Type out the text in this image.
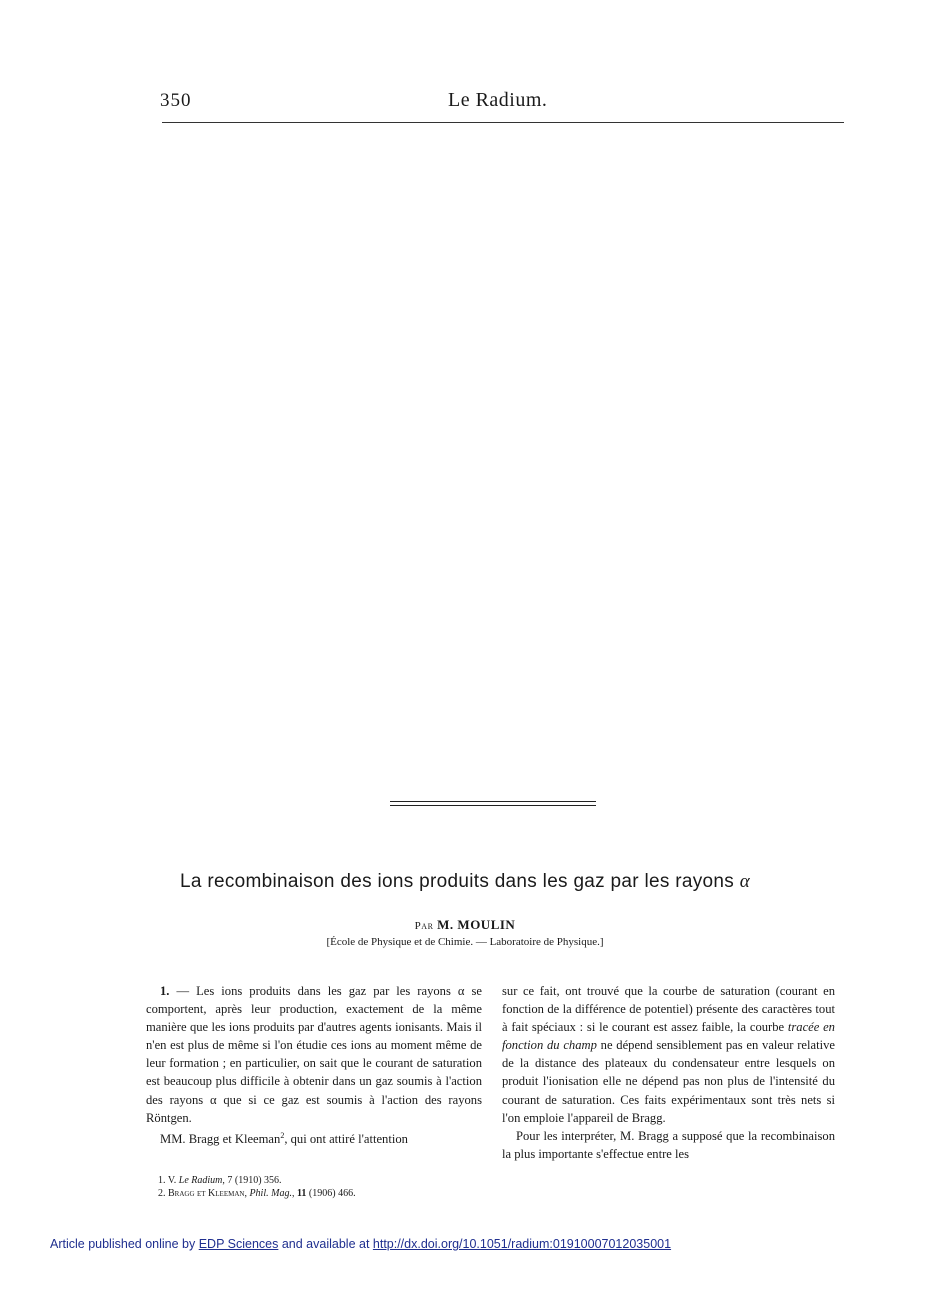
350	Le Radium.
La recombinaison des ions produits dans les gaz par les rayons α
Par M. MOULIN
[École de Physique et de Chimie. — Laboratoire de Physique.]

1. — Les ions produits dans les gaz par les rayons α se comportent, après leur production, exactement de la même manière que les ions produits par d'autres agents ionisants. Mais il n'en est plus de même si l'on étudie ces ions au moment même de leur formation ; en particulier, on sait que le courant de saturation est beaucoup plus difficile à obtenir dans un gaz soumis à l'action des rayons α que si ce gaz est soumis à l'action des rayons Röntgen.

MM. Bragg et Kleeman$^2$, qui ont attiré l'attention

1. V. Le Radium, 7 (1910) 356.
2. Bragg et Kleeman, Phil. Mag., 11 (1906) 466.

sur ce fait, ont trouvé que la courbe de saturation (courant en fonction de la différence de potentiel) présente des caractères tout à fait spéciaux : si le courant est assez faible, la courbe tracée en fonction du champ ne dépend sensiblement pas en valeur relative de la distance des plateaux du condensateur entre lesquels on produit l'ionisation elle ne dépend pas non plus de l'intensité du courant de saturation. Ces faits expérimentaux sont très nets si l'on emploie l'appareil de Bragg.

Pour les interpréter, M. Bragg a supposé que la recombinaison la plus importante s'effectue entre les

Article published online by EDP Sciences and available at http://dx.doi.org/10.1051/radium:01910007012035001
